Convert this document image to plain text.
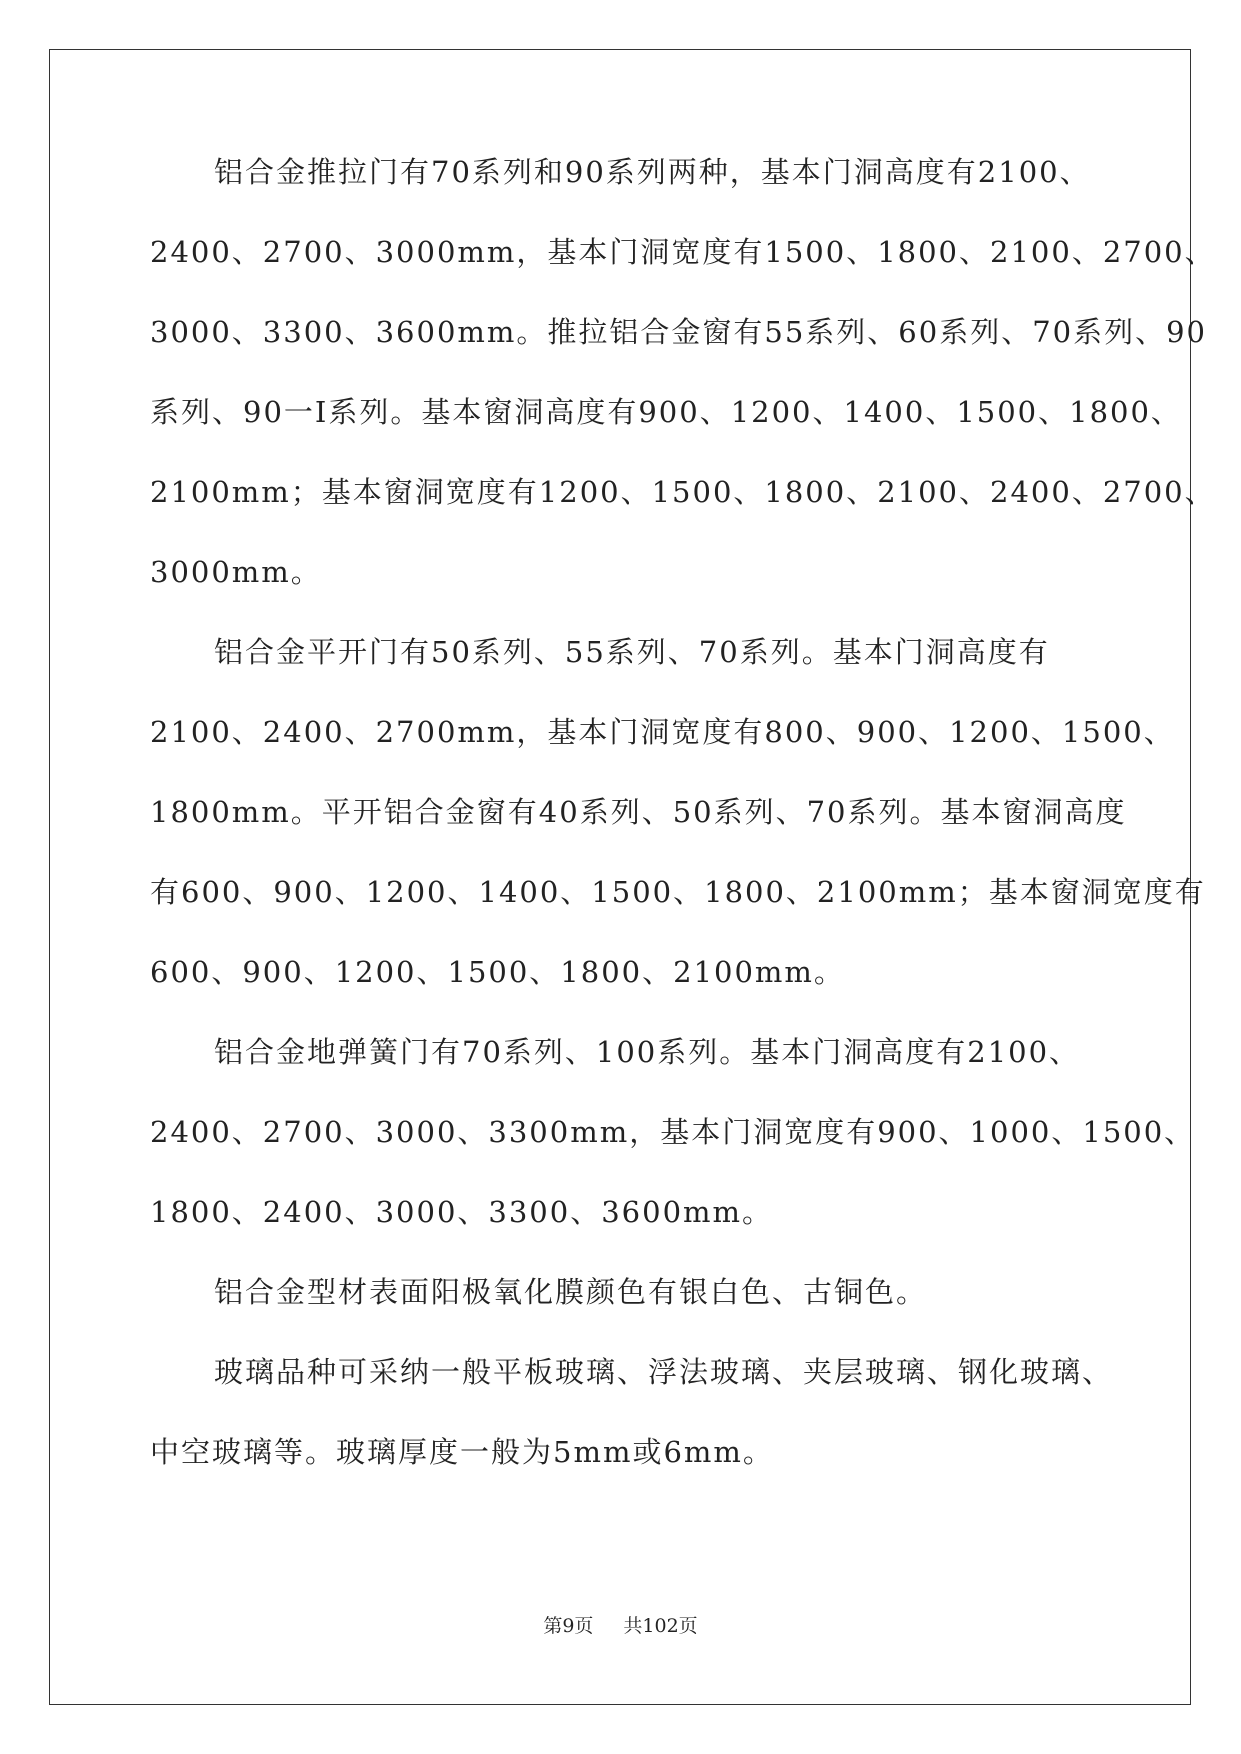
铝合金推拉门有70系列和90系列两种，基本门洞高度有2100、
2400、2700、3000mm，基本门洞宽度有1500、1800、2100、2700、
3000、3300、3600mm。推拉铝合金窗有55系列、60系列、70系列、90
系列、90一I系列。基本窗洞高度有900、1200、1400、1500、1800、
2100mm；基本窗洞宽度有1200、1500、1800、2100、2400、2700、
3000mm。
铝合金平开门有50系列、55系列、70系列。基本门洞高度有
2100、2400、2700mm，基本门洞宽度有800、900、1200、1500、
1800mm。平开铝合金窗有40系列、50系列、70系列。基本窗洞高度
有600、900、1200、1400、1500、1800、2100mm；基本窗洞宽度有
600、900、1200、1500、1800、2100mm。
铝合金地弹簧门有70系列、100系列。基本门洞高度有2100、
2400、2700、3000、3300mm，基本门洞宽度有900、1000、1500、
1800、2400、3000、3300、3600mm。
铝合金型材表面阳极氧化膜颜色有银白色、古铜色。
玻璃品种可采纳一般平板玻璃、浮法玻璃、夹层玻璃、钢化玻璃、
中空玻璃等。玻璃厚度一般为5mm或6mm。
第9页 共102页
